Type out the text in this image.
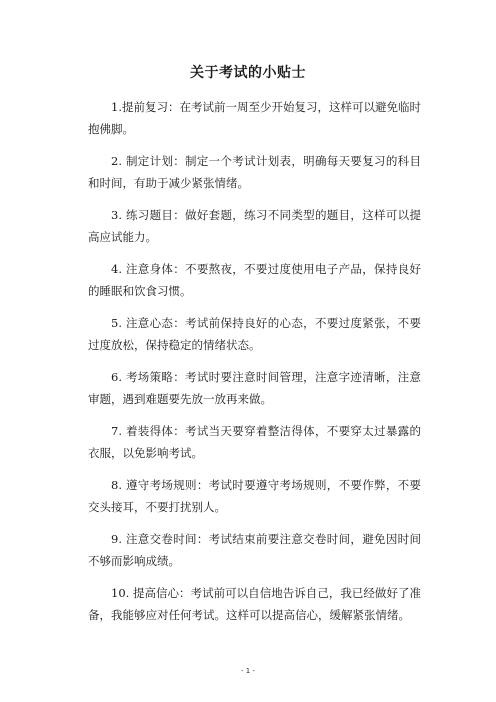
关于考试的小贴士

1.提前复习：在考试前一周至少开始复习，这样可以避免临时抱佛脚。

2. 制定计划：制定一个考试计划表，明确每天要复习的科目和时间，有助于减少紧张情绪。

3. 练习题目：做好套题，练习不同类型的题目，这样可以提高应试能力。

4. 注意身体：不要熬夜，不要过度使用电子产品，保持良好的睡眠和饮食习惯。

5. 注意心态：考试前保持良好的心态，不要过度紧张，不要过度放松，保持稳定的情绪状态。

6. 考场策略：考试时要注意时间管理，注意字迹清晰，注意审题，遇到难题要先放一放再来做。

7. 着装得体：考试当天要穿着整洁得体，不要穿太过暴露的衣服，以免影响考试。

8. 遵守考场规则：考试时要遵守考场规则，不要作弊，不要交头接耳，不要打扰别人。

9. 注意交卷时间：考试结束前要注意交卷时间，避免因时间不够而影响成绩。

10. 提高信心：考试前可以自信地告诉自己，我已经做好了准备，我能够应对任何考试。这样可以提高信心，缓解紧张情绪。

- 1 -
